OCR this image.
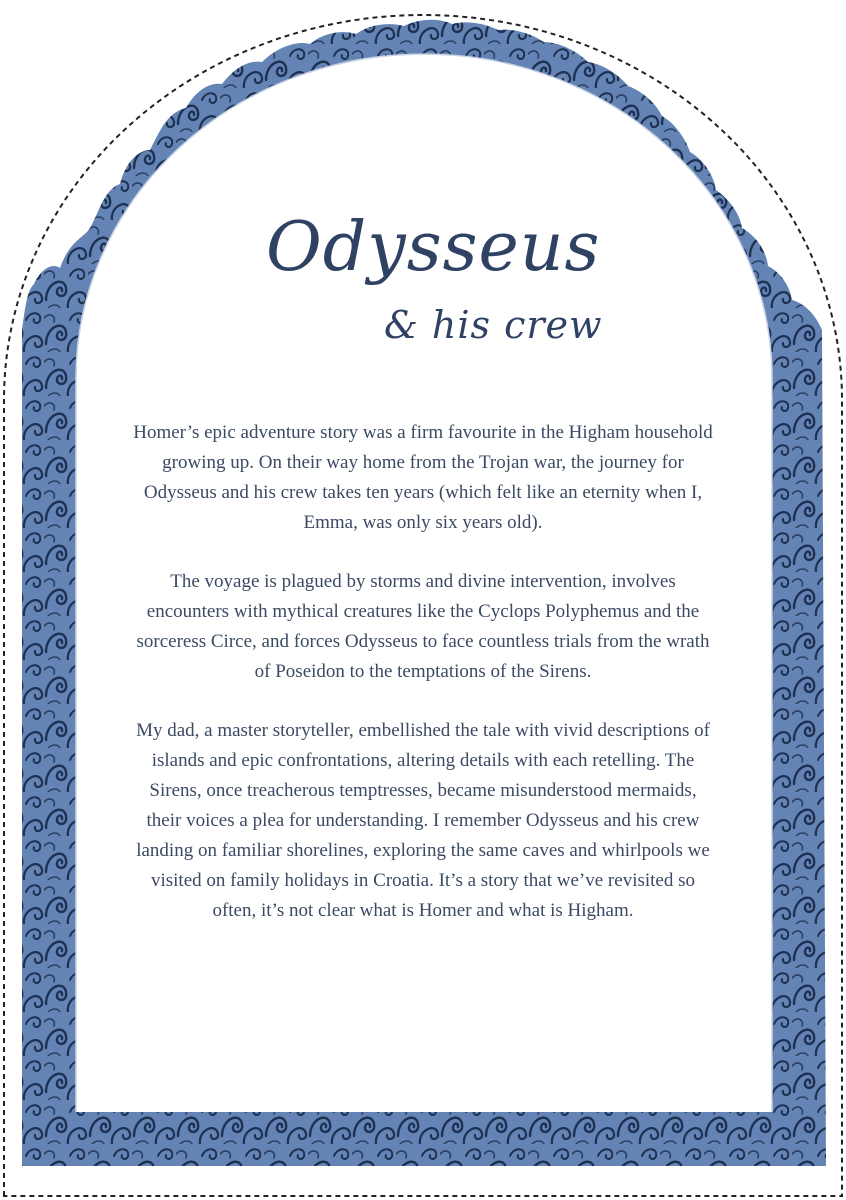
Odysseus
& his crew

Homer’s epic adventure story was a firm favourite in the Higham household growing up. On their way home from the Trojan war, the journey for Odysseus and his crew takes ten years (which felt like an eternity when I, Emma, was only six years old).

The voyage is plagued by storms and divine intervention, involves encounters with mythical creatures like the Cyclops Polyphemus and the sorceress Circe, and forces Odysseus to face countless trials from the wrath of Poseidon to the temptations of the Sirens.

My dad, a master storyteller, embellished the tale with vivid descriptions of islands and epic confrontations, altering details with each retelling. The Sirens, once treacherous temptresses, became misunderstood mermaids, their voices a plea for understanding. I remember Odysseus and his crew landing on familiar shorelines, exploring the same caves and whirlpools we visited on family holidays in Croatia. It’s a story that we’ve revisited so often, it’s not clear what is Homer and what is Higham.
